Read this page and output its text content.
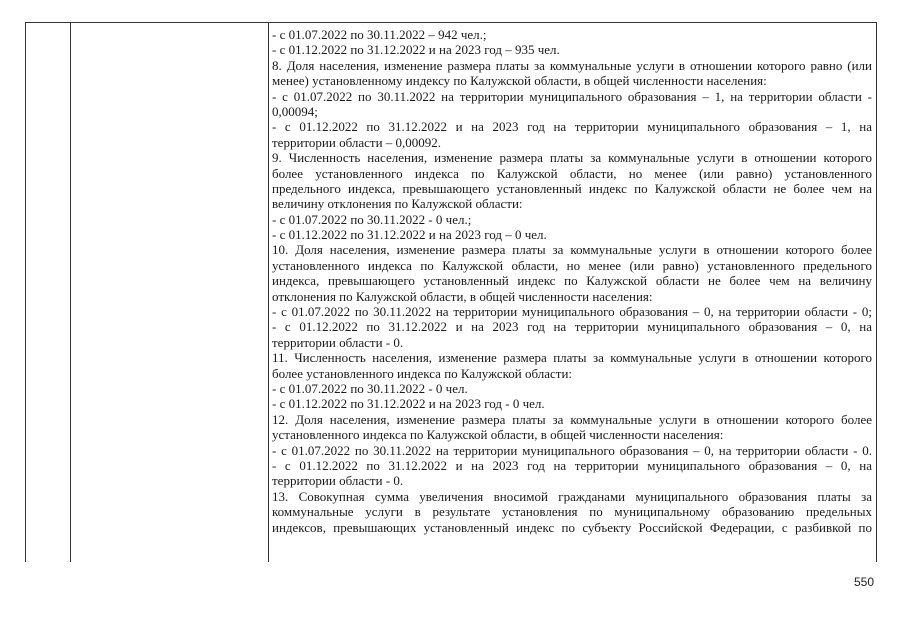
- с 01.07.2022 по 30.11.2022 – 942 чел.;
- с 01.12.2022 по 31.12.2022 и на 2023 год – 935 чел.
8. Доля населения, изменение размера платы за коммунальные услуги в отношении которого равно (или
менее) установленному индексу по Калужской области, в общей численности населения:
- с 01.07.2022 по 30.11.2022 на территории муниципального образования – 1, на территории области -
0,00094;
- с 01.12.2022 по 31.12.2022 и на 2023 год на территории муниципального образования – 1, на
территории области – 0,00092.
9. Численность населения, изменение размера платы за коммунальные услуги в отношении которого
более установленного индекса по Калужской области, но менее (или равно) установленного
предельного индекса, превышающего установленный индекс по Калужской области не более чем на
величину отклонения по Калужской области:
- с 01.07.2022 по 30.11.2022 - 0 чел.;
- с 01.12.2022 по 31.12.2022 и на 2023 год – 0 чел.
10. Доля населения, изменение размера платы за коммунальные услуги в отношении которого более
установленного индекса по Калужской области, но менее (или равно) установленного предельного
индекса, превышающего установленный индекс по Калужской области не более чем на величину
отклонения по Калужской области, в общей численности населения:
- с 01.07.2022 по 30.11.2022 на территории муниципального образования – 0, на территории области - 0;
- с 01.12.2022 по 31.12.2022 и на 2023 год на территории муниципального образования – 0, на
территории области - 0.
11. Численность населения, изменение размера платы за коммунальные услуги в отношении которого
более установленного индекса по Калужской области:
- с 01.07.2022 по 30.11.2022 - 0 чел.
- с 01.12.2022 по 31.12.2022 и на 2023 год - 0 чел.
12. Доля населения, изменение размера платы за коммунальные услуги в отношении которого более
установленного индекса по Калужской области, в общей численности населения:
- с 01.07.2022 по 30.11.2022 на территории муниципального образования – 0, на территории области - 0.
- с 01.12.2022 по 31.12.2022 и на 2023 год на территории муниципального образования – 0, на
территории области - 0.
13. Совокупная сумма увеличения вносимой гражданами муниципального образования платы за
коммунальные услуги в результате установления по муниципальному образованию предельных
индексов, превышающих установленный индекс по субъекту Российской Федерации, с разбивкой по
550
